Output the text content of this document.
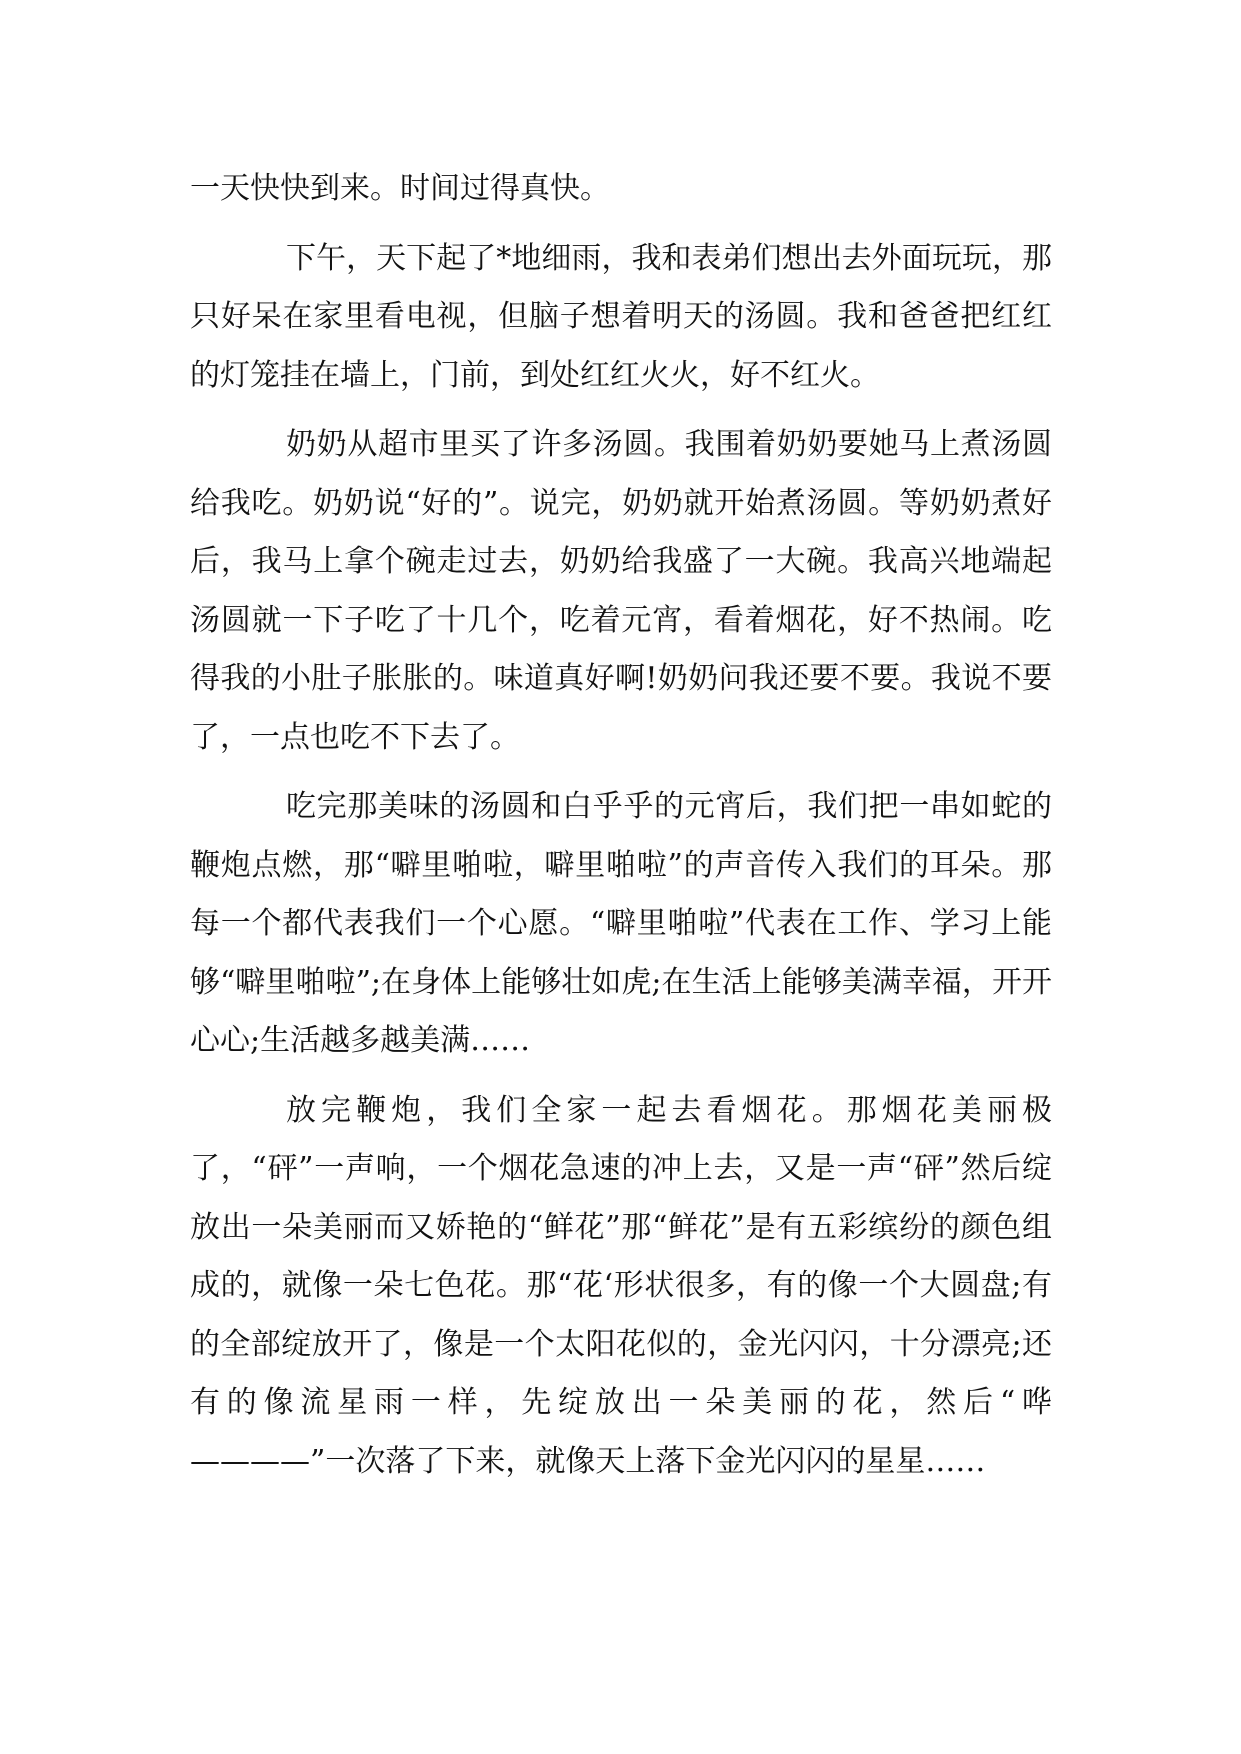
一天快快到来。时间过得真快。

下午，天下起了*地细雨，我和表弟们想出去外面玩玩，那只好呆在家里看电视，但脑子想着明天的汤圆。我和爸爸把红红的灯笼挂在墙上，门前，到处红红火火，好不红火。

奶奶从超市里买了许多汤圆。我围着奶奶要她马上煮汤圆给我吃。奶奶说“好的”。说完，奶奶就开始煮汤圆。等奶奶煮好后，我马上拿个碗走过去，奶奶给我盛了一大碗。我高兴地端起汤圆就一下子吃了十几个，吃着元宵，看着烟花，好不热闹。吃得我的小肚子胀胀的。味道真好啊!奶奶问我还要不要。我说不要了，一点也吃不下去了。

吃完那美味的汤圆和白乎乎的元宵后，我们把一串如蛇的鞭炮点燃，那“噼里啪啦，噼里啪啦”的声音传入我们的耳朵。那每一个都代表我们一个心愿。“噼里啪啦”代表在工作、学习上能够“噼里啪啦”;在身体上能够壮如虎;在生活上能够美满幸福，开开心心;生活越多越美满……

放完鞭炮，我们全家一起去看烟花。那烟花美丽极了，“砰”一声响，一个烟花急速的冲上去，又是一声“砰”然后绽放出一朵美丽而又娇艳的“鲜花”那“鲜花”是有五彩缤纷的颜色组成的，就像一朵七色花。那“花‘形状很多，有的像一个大圆盘;有的全部绽放开了，像是一个太阳花似的，金光闪闪，十分漂亮;还有的像流星雨一样，先绽放出一朵美丽的花，然后“哗————”一次落了下来，就像天上落下金光闪闪的星星……
